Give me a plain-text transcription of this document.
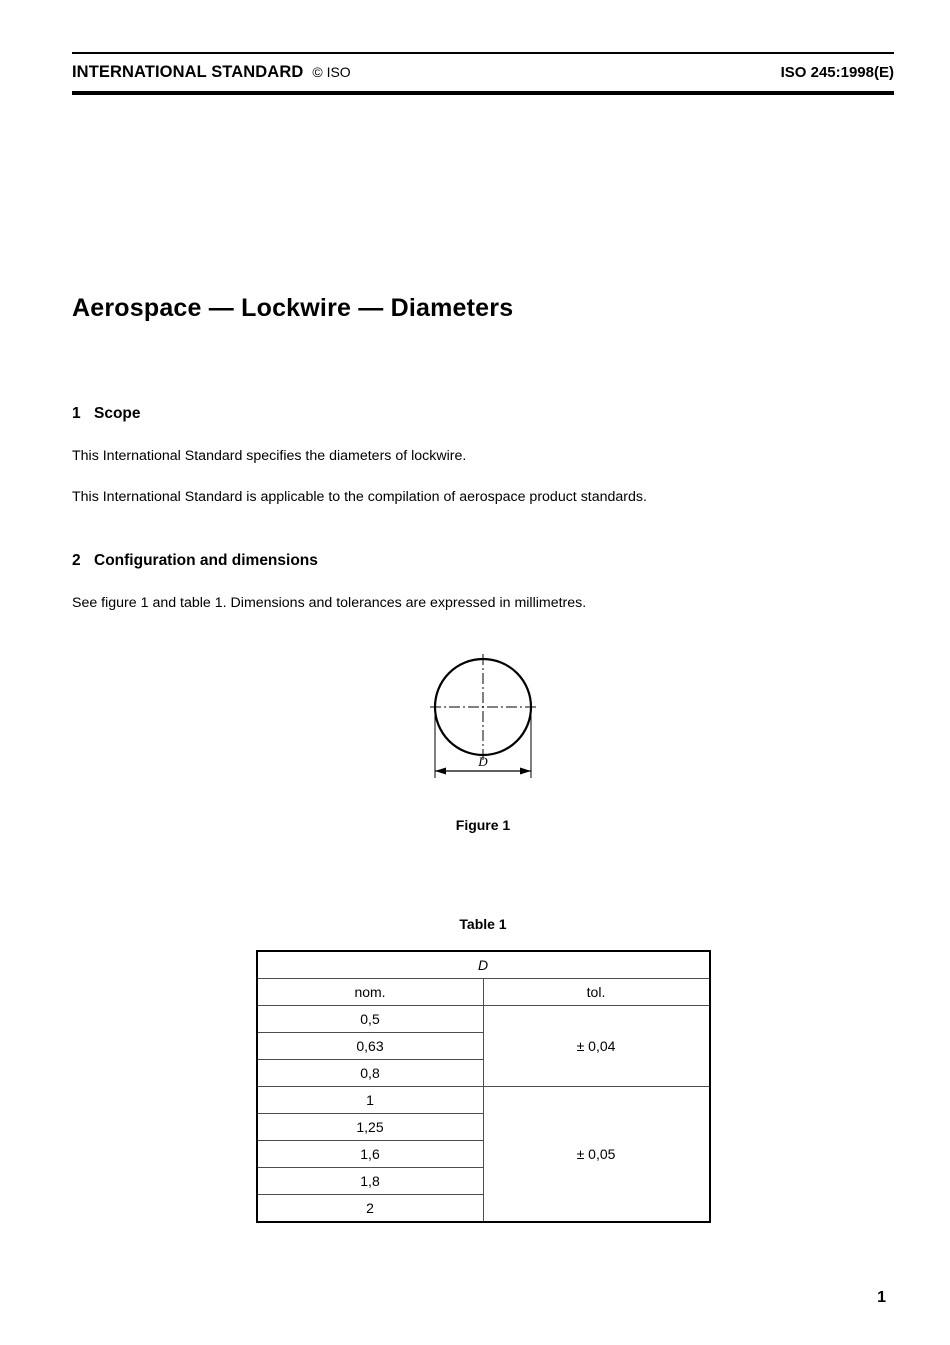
INTERNATIONAL STANDARD © ISO	ISO 245:1998(E)
Aerospace — Lockwire — Diameters
1 Scope

This International Standard specifies the diameters of lockwire.

This International Standard is applicable to the compilation of aerospace product standards.

2 Configuration and dimensions

See figure 1 and table 1. Dimensions and tolerances are expressed in millimetres.

D
Figure 1
Table 1
D	
nom.	tol.
0,5	± 0,04
0,63	
0,8	
1	± 0,05
1,25	
1,6	
1,8	
2	
1
